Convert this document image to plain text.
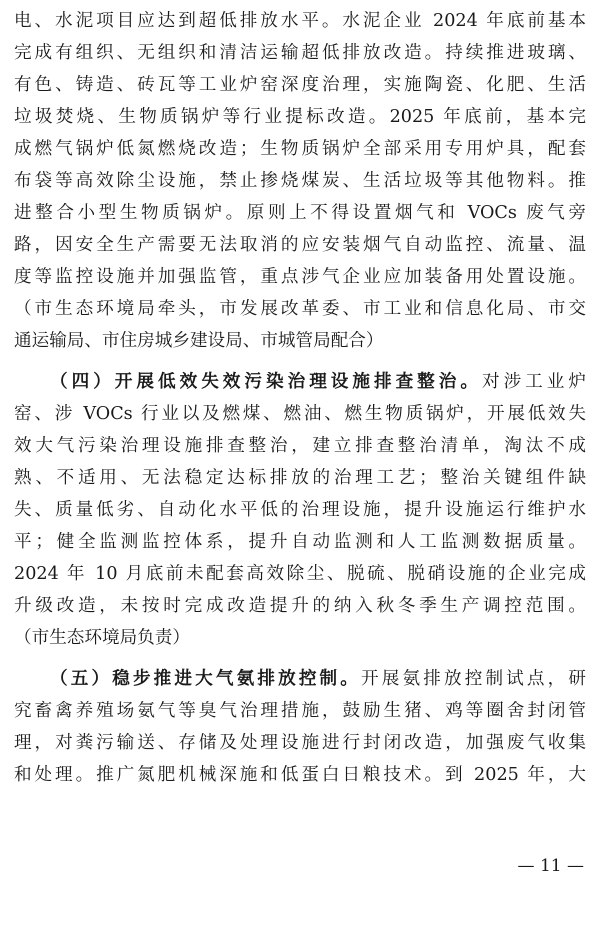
电、水泥项目应达到超低排放水平。水泥企业 2024 年底前基本
完成有组织、无组织和清洁运输超低排放改造。持续推进玻璃、
有色、铸造、砖瓦等工业炉窑深度治理，实施陶瓷、化肥、生活
垃圾焚烧、生物质锅炉等行业提标改造。2025 年底前，基本完
成燃气锅炉低氮燃烧改造；生物质锅炉全部采用专用炉具，配套
布袋等高效除尘设施，禁止掺烧煤炭、生活垃圾等其他物料。推
进整合小型生物质锅炉。原则上不得设置烟气和 VOCs 废气旁
路，因安全生产需要无法取消的应安装烟气自动监控、流量、温
度等监控设施并加强监管，重点涉气企业应加装备用处置设施。
（市生态环境局牵头，市发展改革委、市工业和信息化局、市交
通运输局、市住房城乡建设局、市城管局配合）
（四）开展低效失效污染治理设施排查整治。对涉工业炉
窑、涉 VOCs 行业以及燃煤、燃油、燃生物质锅炉，开展低效失
效大气污染治理设施排查整治，建立排查整治清单，淘汰不成
熟、不适用、无法稳定达标排放的治理工艺；整治关键组件缺
失、质量低劣、自动化水平低的治理设施，提升设施运行维护水
平；健全监测监控体系，提升自动监测和人工监测数据质量。
2024 年 10 月底前未配套高效除尘、脱硫、脱硝设施的企业完成
升级改造，未按时完成改造提升的纳入秋冬季生产调控范围。
（市生态环境局负责）
（五）稳步推进大气氨排放控制。开展氨排放控制试点，研
究畜禽养殖场氨气等臭气治理措施，鼓励生猪、鸡等圈舍封闭管
理，对粪污输送、存储及处理设施进行封闭改造，加强废气收集
和处理。推广氮肥机械深施和低蛋白日粮技术。到 2025 年，大
— 11 —
